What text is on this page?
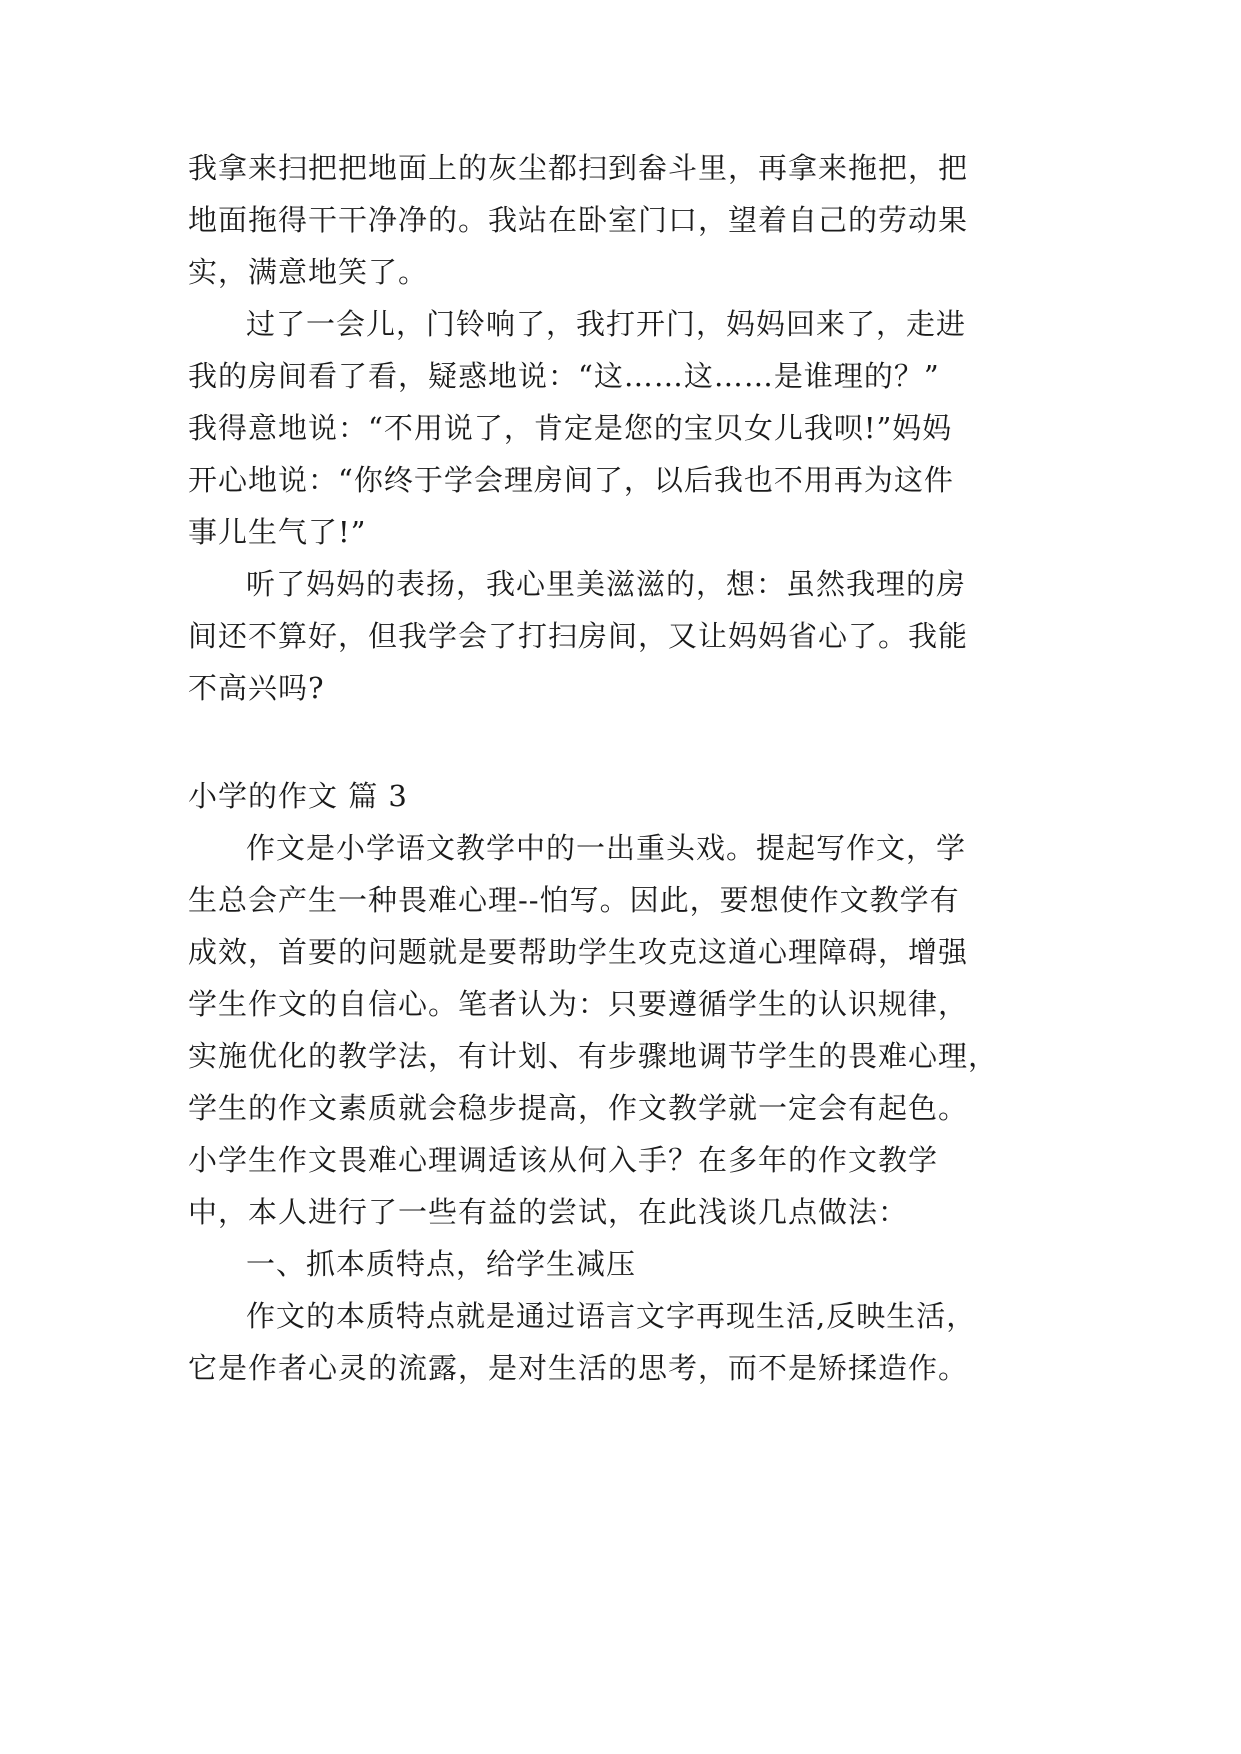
我拿来扫把把地面上的灰尘都扫到畚斗里，再拿来拖把，把
地面拖得干干净净的。我站在卧室门口，望着自己的劳动果
实，满意地笑了。
过了一会儿，门铃响了，我打开门，妈妈回来了，走进
我的房间看了看，疑惑地说：“这……这……是谁理的？”
我得意地说：“不用说了，肯定是您的宝贝女儿我呗!”妈妈
开心地说：“你终于学会理房间了，以后我也不用再为这件
事儿生气了!”
听了妈妈的表扬，我心里美滋滋的，想：虽然我理的房
间还不算好，但我学会了打扫房间，又让妈妈省心了。我能
不高兴吗?
小学的作文 篇 3
作文是小学语文教学中的一出重头戏。提起写作文，学
生总会产生一种畏难心理--怕写。因此，要想使作文教学有
成效，首要的问题就是要帮助学生攻克这道心理障碍，增强
学生作文的自信心。笔者认为：只要遵循学生的认识规律，
实施优化的教学法，有计划、有步骤地调节学生的畏难心理，
学生的作文素质就会稳步提高，作文教学就一定会有起色。
小学生作文畏难心理调适该从何入手？在多年的作文教学
中，本人进行了一些有益的尝试，在此浅谈几点做法：
一、抓本质特点，给学生减压
作文的本质特点就是通过语言文字再现生活,反映生活，
它是作者心灵的流露，是对生活的思考，而不是矫揉造作。
